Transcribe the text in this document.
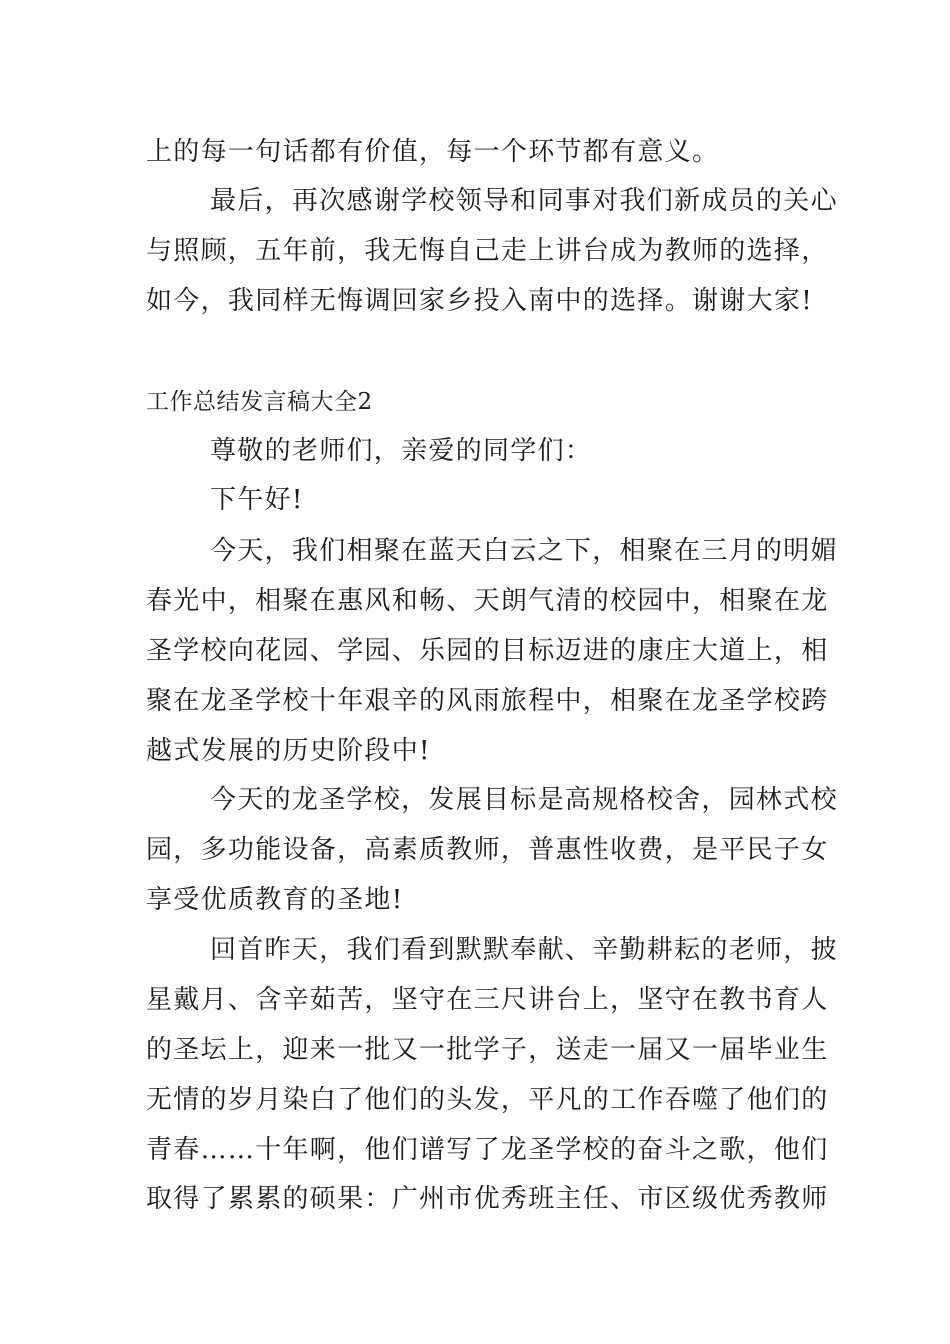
上的每一句话都有价值，每一个环节都有意义。
最后，再次感谢学校领导和同事对我们新成员的关心
与照顾，五年前，我无悔自己走上讲台成为教师的选择，
如今，我同样无悔调回家乡投入南中的选择。谢谢大家!
工作总结发言稿大全2
尊敬的老师们，亲爱的同学们：
下午好!
今天，我们相聚在蓝天白云之下，相聚在三月的明媚
春光中，相聚在惠风和畅、天朗气清的校园中，相聚在龙
圣学校向花园、学园、乐园的目标迈进的康庄大道上，相
聚在龙圣学校十年艰辛的风雨旅程中，相聚在龙圣学校跨
越式发展的历史阶段中!
今天的龙圣学校，发展目标是高规格校舍，园林式校
园，多功能设备，高素质教师，普惠性收费，是平民子女
享受优质教育的圣地!
回首昨天，我们看到默默奉献、辛勤耕耘的老师，披
星戴月、含辛茹苦，坚守在三尺讲台上，坚守在教书育人
的圣坛上，迎来一批又一批学子，送走一届又一届毕业生
无情的岁月染白了他们的头发，平凡的工作吞噬了他们的
青春……十年啊，他们谱写了龙圣学校的奋斗之歌，他们
取得了累累的硕果：广州市优秀班主任、市区级优秀教师
